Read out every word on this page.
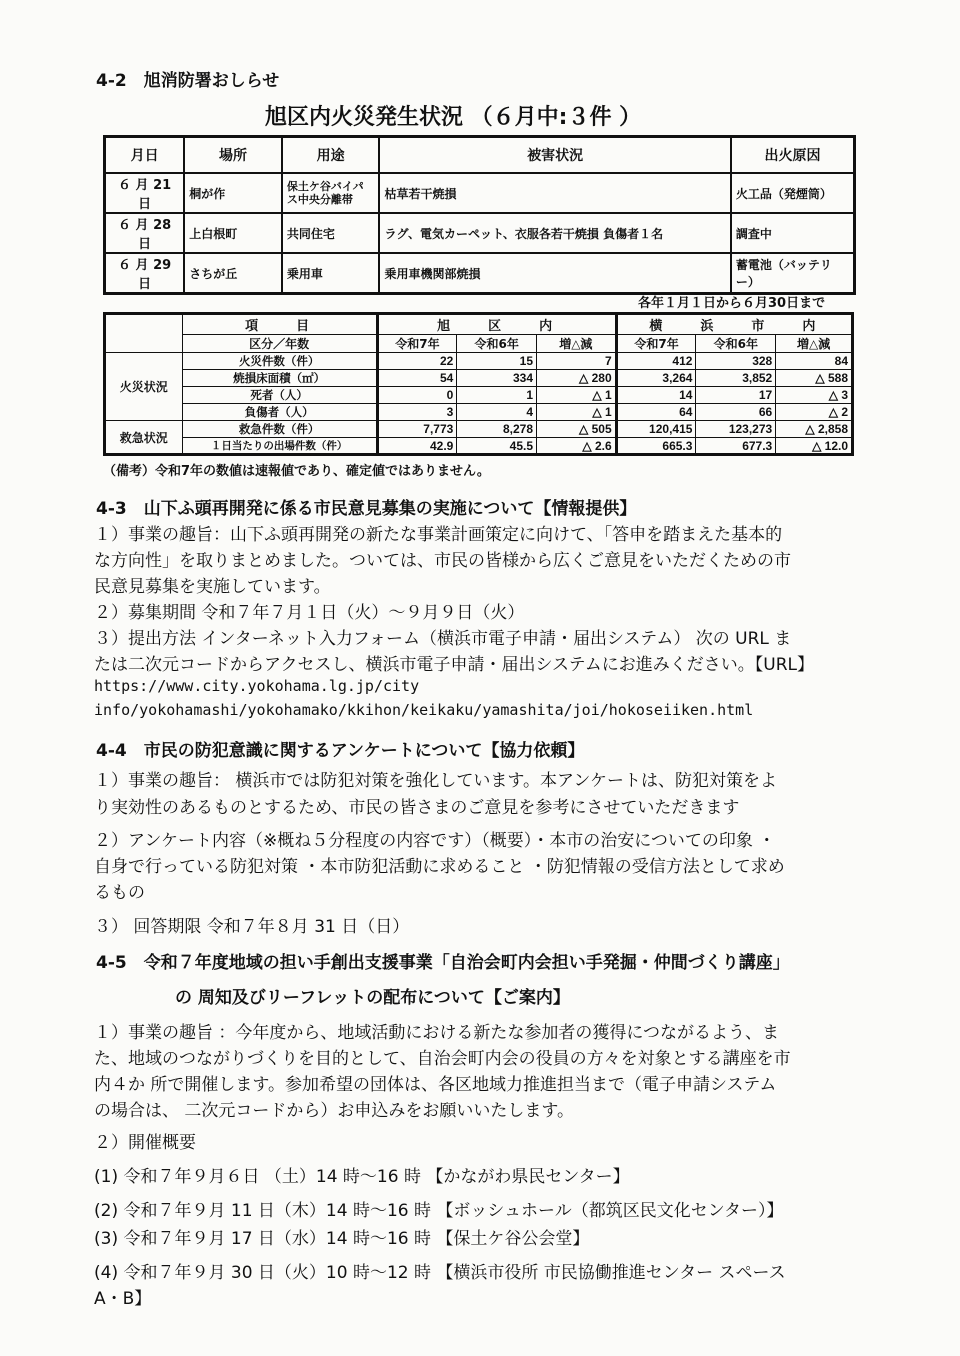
4-2　旭消防署おしらせ
旭区内火災発生状況 （６月中:３件 ）
月日	場所	用途	被害状況	出火原因
６ 月 21 日	桐が作	保土ケ谷バイパス中央分離帯	枯草若干焼損	火工品（発煙筒）
６ 月 28 日	上白根町	共同住宅	ラグ、電気カーペット、衣服各若干焼損 負傷者１名	調査中
６ 月 29 日	さちが丘	乗用車	乗用車機関部焼損	蓄電池（バッテリー）
各年１月１日から６月30日まで
	項　　目	旭　　区　　内			横　　浜　　市　　内		
	区分／年数	令和7年	令和6年	増△減	令和7年	令和6年	増△減
火災状況	火災件数（件）	22	15	7	412	328	84
	焼損床面積（㎡）	54	334	△ 280	3,264	3,852	△ 588
	死者（人）	0	1	△ 1	14	17	△ 3
	負傷者（人）	3	4	△ 1	64	66	△ 2
救急状況	救急件数（件）	7,773	8,278	△ 505	120,415	123,273	△ 2,858
	１日当たりの出場件数（件）	42.9	45.5	△ 2.6	665.3	677.3	△ 12.0
（備考）令和7年の数値は速報値であり、確定値ではありません。
4-3　山下ふ頭再開発に係る市民意見募集の実施について【情報提供】
１）事業の趣旨：山下ふ頭再開発の新たな事業計画策定に向けて、「答申を踏まえた基本的
な方向性」を取りまとめました。ついては、市民の皆様から広くご意見をいただくための市
民意見募集を実施しています。
２）募集期間 令和７年７月１日（火）～９月９日（火）
３）提出方法 インターネット入力フォーム（横浜市電子申請・届出システム） 次の URL ま
たは二次元コードからアクセスし、横浜市電子申請・届出システムにお進みください。【URL】
https://www.city.yokohama.lg.jp/city
info/yokohamashi/yokohamako/kkihon/keikaku/yamashita/joi/hokoseiiken.html
4-4　市民の防犯意識に関するアンケートについて【協力依頼】
１）事業の趣旨： 横浜市では防犯対策を強化しています。本アンケートは、防犯対策をよ
り実効性のあるものとするため、市民の皆さまのご意見を参考にさせていただきます
２）アンケート内容（※概ね５分程度の内容です）（概要）・本市の治安についての印象 ・
自身で行っている防犯対策 ・本市防犯活動に求めること ・防犯情報の受信方法として求め
るもの
３） 回答期限 令和７年８月 31 日（日）
4-5　令和７年度地域の担い手創出支援事業「自治会町内会担い手発掘・仲間づくり講座」
の 周知及びリーフレットの配布について【ご案内】
１）事業の趣旨 ：今年度から、地域活動における新たな参加者の獲得につながるよう、ま
た、地域のつながりづくりを目的として、自治会町内会の役員の方々を対象とする講座を市
内４か 所で開催します。参加希望の団体は、各区地域力推進担当まで（電子申請システム
の場合は、 二次元コードから）お申込みをお願いいたします。
２）開催概要
(1) 令和７年９月６日 （土）14 時～16 時 【かながわ県民センター】
(2) 令和７年９月 11 日（木）14 時～16 時 【ボッシュホール（都筑区民文化センター）】
(3) 令和７年９月 17 日（水）14 時～16 時 【保土ケ谷公会堂】
(4) 令和７年９月 30 日（火）10 時～12 時 【横浜市役所 市民協働推進センター スペース
A・B】
